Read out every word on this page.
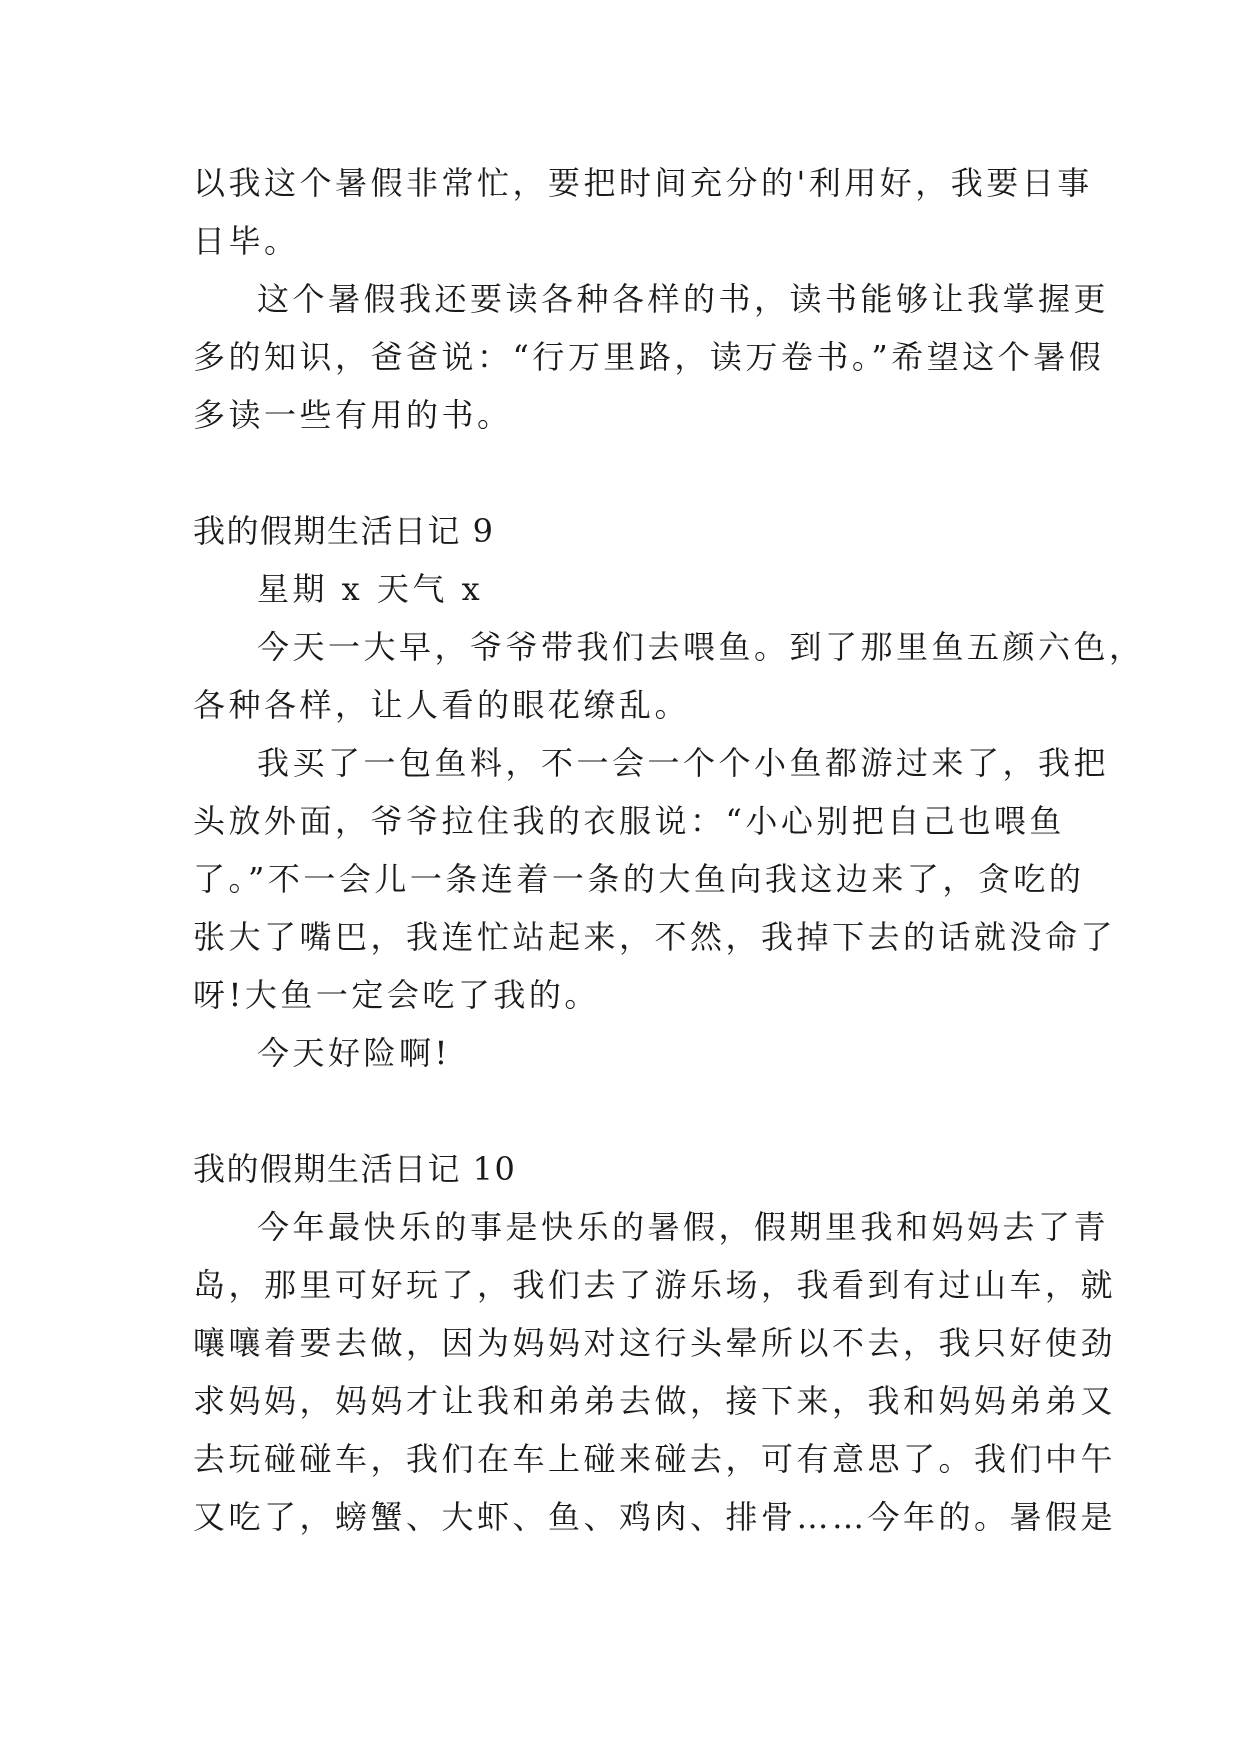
以我这个暑假非常忙，要把时间充分的'利用好，我要日事
日毕。
这个暑假我还要读各种各样的书，读书能够让我掌握更
多的知识，爸爸说：“行万里路，读万卷书。”希望这个暑假
多读一些有用的书。
我的假期生活日记 9
星期 x 天气 x
今天一大早，爷爷带我们去喂鱼。到了那里鱼五颜六色，
各种各样，让人看的眼花缭乱。
我买了一包鱼料，不一会一个个小鱼都游过来了，我把
头放外面，爷爷拉住我的衣服说：“小心别把自己也喂鱼
了。”不一会儿一条连着一条的大鱼向我这边来了，贪吃的
张大了嘴巴，我连忙站起来，不然，我掉下去的话就没命了
呀!大鱼一定会吃了我的。
今天好险啊!
我的假期生活日记 10
今年最快乐的事是快乐的暑假，假期里我和妈妈去了青
岛，那里可好玩了，我们去了游乐场，我看到有过山车，就
嚷嚷着要去做，因为妈妈对这行头晕所以不去，我只好使劲
求妈妈，妈妈才让我和弟弟去做，接下来，我和妈妈弟弟又
去玩碰碰车，我们在车上碰来碰去，可有意思了。我们中午
又吃了，螃蟹、大虾、鱼、鸡肉、排骨……今年的。暑假是
